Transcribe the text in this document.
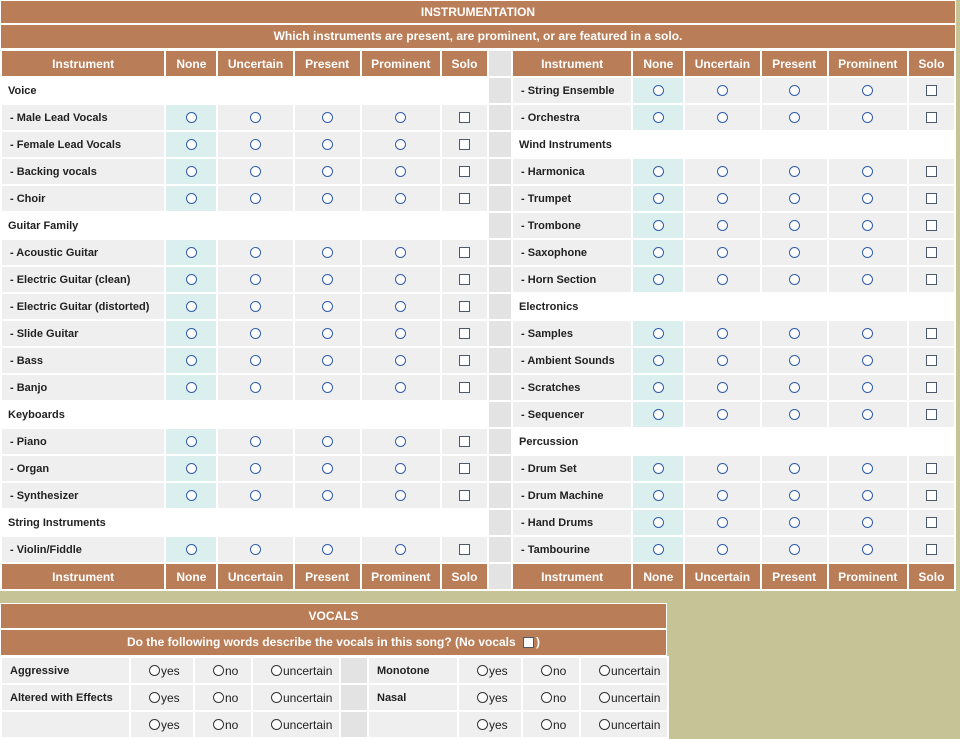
INSTRUMENTATION
Which instruments are present, are prominent, or are featured in a solo.
Instrument	None	Uncertain	Present	Prominent	Solo		Instrument	None	Uncertain	Present	Prominent	Solo
Voice							- String Ensemble					
- Male Lead Vocals							- Orchestra					
- Female Lead Vocals							Wind Instruments					
- Backing vocals							- Harmonica					
- Choir							- Trumpet					
Guitar Family							- Trombone					
- Acoustic Guitar							- Saxophone					
- Electric Guitar (clean)							- Horn Section					
- Electric Guitar (distorted)							Electronics					
- Slide Guitar							- Samples					
- Bass							- Ambient Sounds					
- Banjo							- Scratches					
Keyboards							- Sequencer					
- Piano							Percussion					
- Organ							- Drum Set					
- Synthesizer							- Drum Machine					
String Instruments							- Hand Drums					
- Violin/Fiddle							- Tambourine					
Instrument	None	Uncertain	Present	Prominent	Solo		Instrument	None	Uncertain	Present	Prominent	Solo
VOCALS
Do the following words describe the vocals in this song? (No vocals )
Aggressive	yes	no	uncertain		Monotone	yes	no	uncertain
Altered with Effects	yes	no	uncertain		Nasal	yes	no	uncertain
	yes	no	uncertain			yes	no	uncertain
